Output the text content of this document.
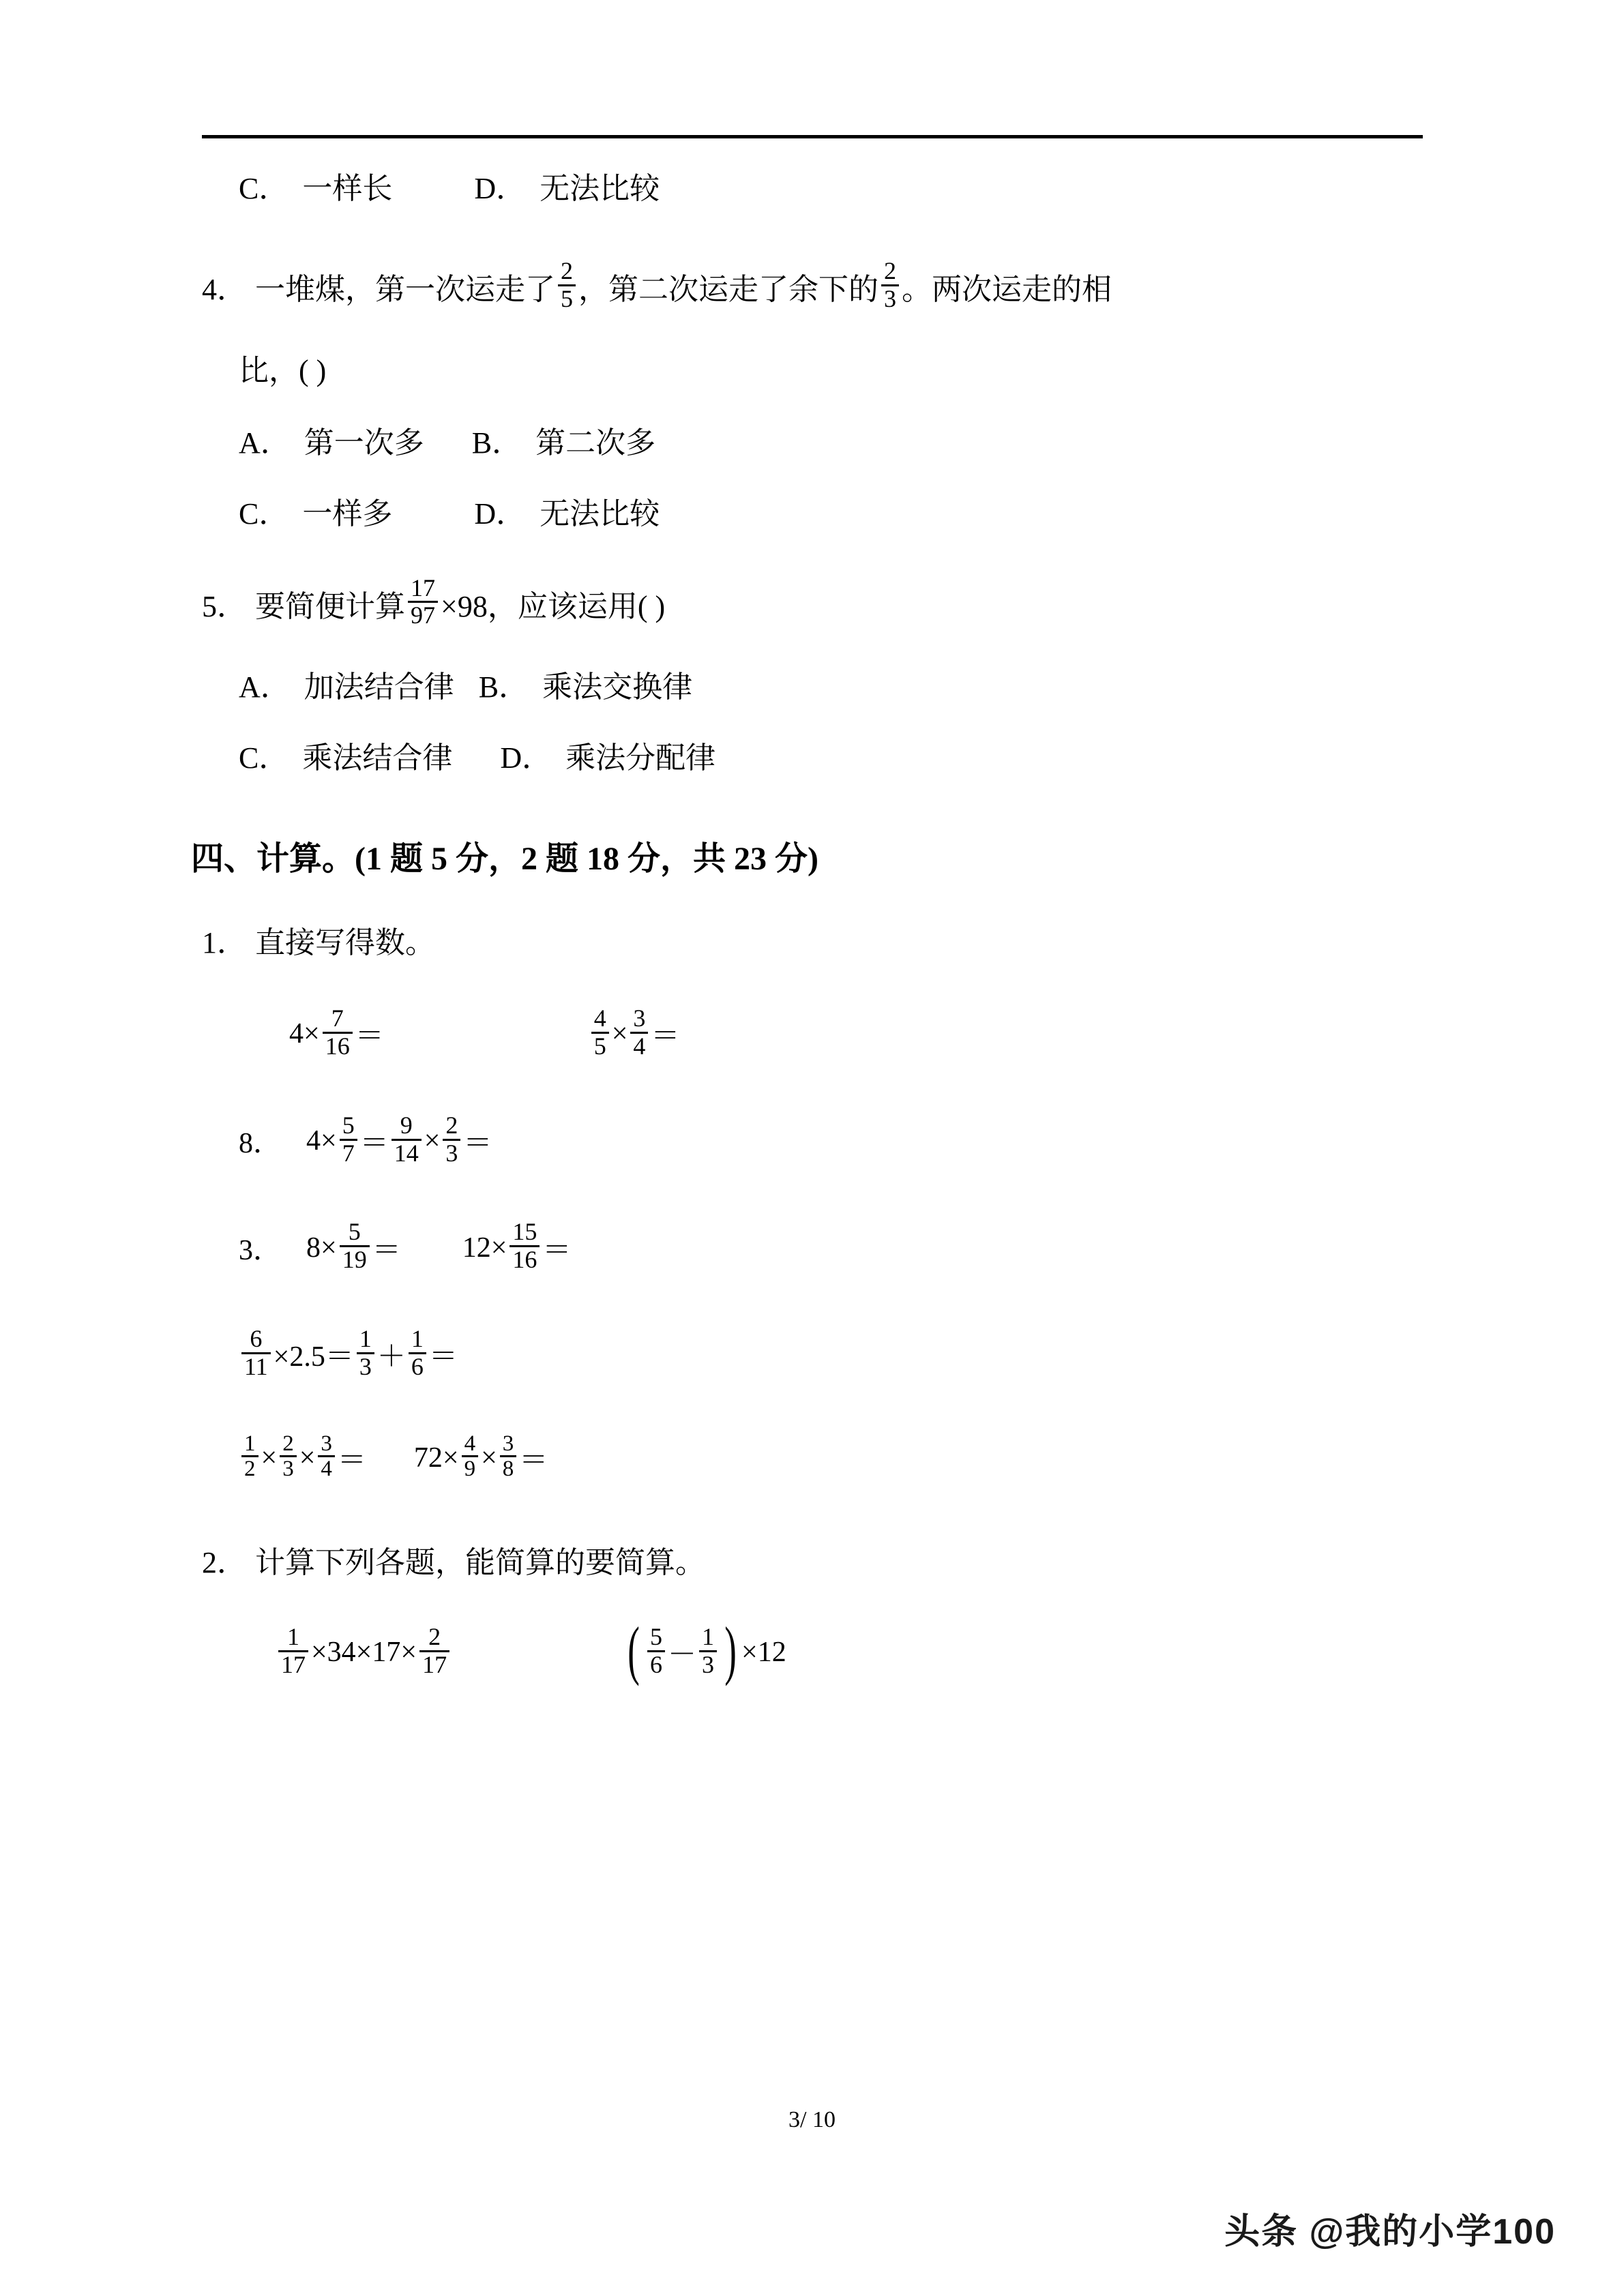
C． 一样长	D． 无法比较
4． 一堆煤，第一次运走了 $\frac{2}{5}$ ，第二次运走了余下的 $\frac{2}{3}$ 。两次运走的相
比，( )
A． 第一次多 B． 第二次多
C． 一样多	D． 无法比较
5． 要简便计算 $\frac{17}{97} \times 98$，应该运用( )
A． 加法结合律 B． 乘法交换律
C． 乘法结合律 D． 乘法分配律
四、计算。(1 题 5 分，2 题 18 分，共 23 分)
1． 直接写得数。
$4\times \frac{7}{16}$ ＝	$\frac{4}{5} \times \frac{3}{4}$ ＝
8． $4\times \frac{5}{7} = \frac{9}{14} \times \frac{2}{3}$ ＝
3． $8\times \frac{5}{19} = 12\times \frac{15}{16}$ ＝
$\frac{6}{11} \times 2.5= \frac{1}{3} + \frac{1}{6}$ ＝
$\frac{1}{2} \times \frac{2}{3} \times \frac{3}{4} = 72\times \frac{4}{9} \times \frac{3}{8}$ ＝
2． 计算下列各题，能简算的要简算。
$\frac{1}{17} \times 34\times 17\times \frac{2}{17}$	( $\frac{5}{6} - \frac{1}{3}$ ) ×12
3/ 10
头条 @我的小学100
